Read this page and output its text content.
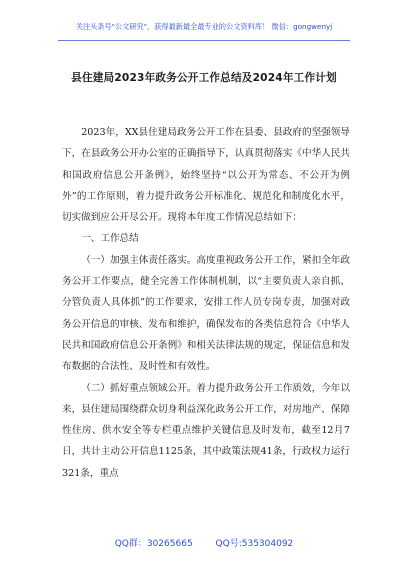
关注头条号"公文研究"，获得最新最全最专业的公文资料库！ 微信：gongwenyj
县住建局2023年政务公开工作总结及2024年工作计划

2023年，XX县住建局政务公开工作在县委、县政府的坚强领导下，在县政务公开办公室的正确指导下，认真贯彻落实《中华人民共和国政府信息公开条例》，始终坚持“以公开为常态、不公开为例外”的工作原则，着力提升政务公开标准化、规范化和制度化水平，切实做到应公开尽公开。现将本年度工作情况总结如下：

一、工作总结

（一）加强主体责任落实。高度重视政务公开工作，紧扣全年政务公开工作要点，健全完善工作体制机制，以“主要负责人亲自抓、分管负责人具体抓”的工作要求，安排工作人员专岗专责，加强对政务公开信息的审核、发布和维护，确保发布的各类信息符合《中华人民共和国政府信息公开条例》和相关法律法规的规定，保证信息和发布数据的合法性、及时性和有效性。

（二）抓好重点领域公开。着力提升政务公开工作质效，今年以来，县住建局围绕群众切身利益深化政务公开工作，对房地产、保障性住房、供水安全等专栏重点维护关键信息及时发布，截至12月7日，共计主动公开信息1125条，其中政策法规41条，行政权力运行321条，重点

QQ群：30265665	QQ号:535304092
